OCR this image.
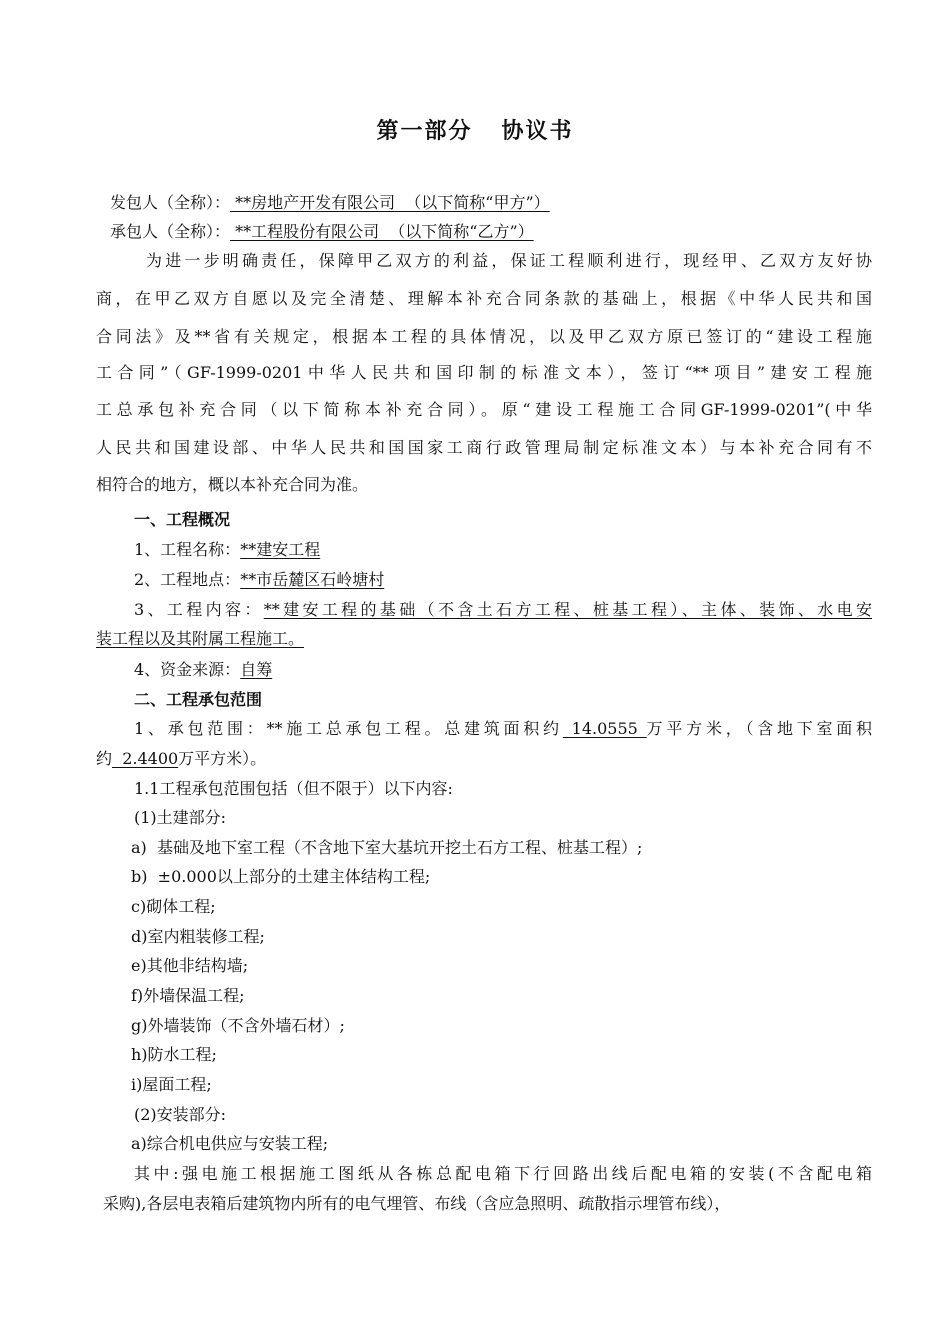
第一部分   协议书
发包人（全称）： **房地产开发有限公司  （以下简称“甲方”）
承包人（全称）： **工程股份有限公司  （以下简称“乙方”）
为进一步明确责任，保障甲乙双方的利益，保证工程顺利进行，现经甲、乙双方友好协
商，在甲乙双方自愿以及完全清楚、理解本补充合同条款的基础上，根据《中华人民共和国
合同法》及**省有关规定，根据本工程的具体情况，以及甲乙双方原已签订的“建设工程施
工合同”（GF-1999-0201中华人民共和国印制的标准文本），签订“**项目”建安工程施
工总承包补充合同（以下简称本补充合同）。原“建设工程施工合同GF-1999-0201”(中华
人民共和国建设部、中华人民共和国国家工商行政管理局制定标准文本）与本补充合同有不
相符合的地方，概以本补充合同为准。
一、工程概况
1、工程名称：**建安工程
2、工程地点：**市岳麓区石岭塘村
3、工程内容：**建安工程的基础（不含土石方工程、桩基工程）、主体、装饰、水电安
装工程以及其附属工程施工。
4、资金来源：自筹
二、工程承包范围
1、承包范围：**施工总承包工程。总建筑面积约 14.0555 万平方米，（含地下室面积
约  2.4400万平方米）。
1.1工程承包范围包括（但不限于）以下内容:
(1)土建部分:
a)  基础及地下室工程（不含地下室大基坑开挖土石方工程、桩基工程）;
b)  ±0.000以上部分的土建主体结构工程;
c)砌体工程;
d)室内粗装修工程;
e)其他非结构墙;
f)外墙保温工程;
g)外墙装饰（不含外墙石材）;
h)防水工程;
i)屋面工程;
(2)安装部分:
a)综合机电供应与安装工程;
其中:强电施工根据施工图纸从各栋总配电箱下行回路出线后配电箱的安装(不含配电箱
采购),各层电表箱后建筑物内所有的电气埋管、布线（含应急照明、疏散指示埋管布线），
